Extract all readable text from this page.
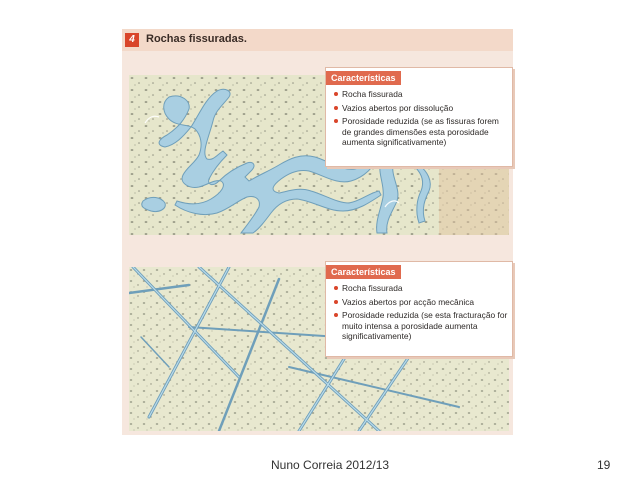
4	Rochas fissuradas.
Características
Rocha fissurada
Vazios abertos por dissolução
Porosidade reduzida (se as fissuras forem de grandes dimensões esta porosidade aumenta significativamente)
Características
Rocha fissurada
Vazios abertos por acção mecânica
Porosidade reduzida (se esta fracturação for muito intensa a porosidade aumenta significativamente)
Nuno Correia 2012/13	19
